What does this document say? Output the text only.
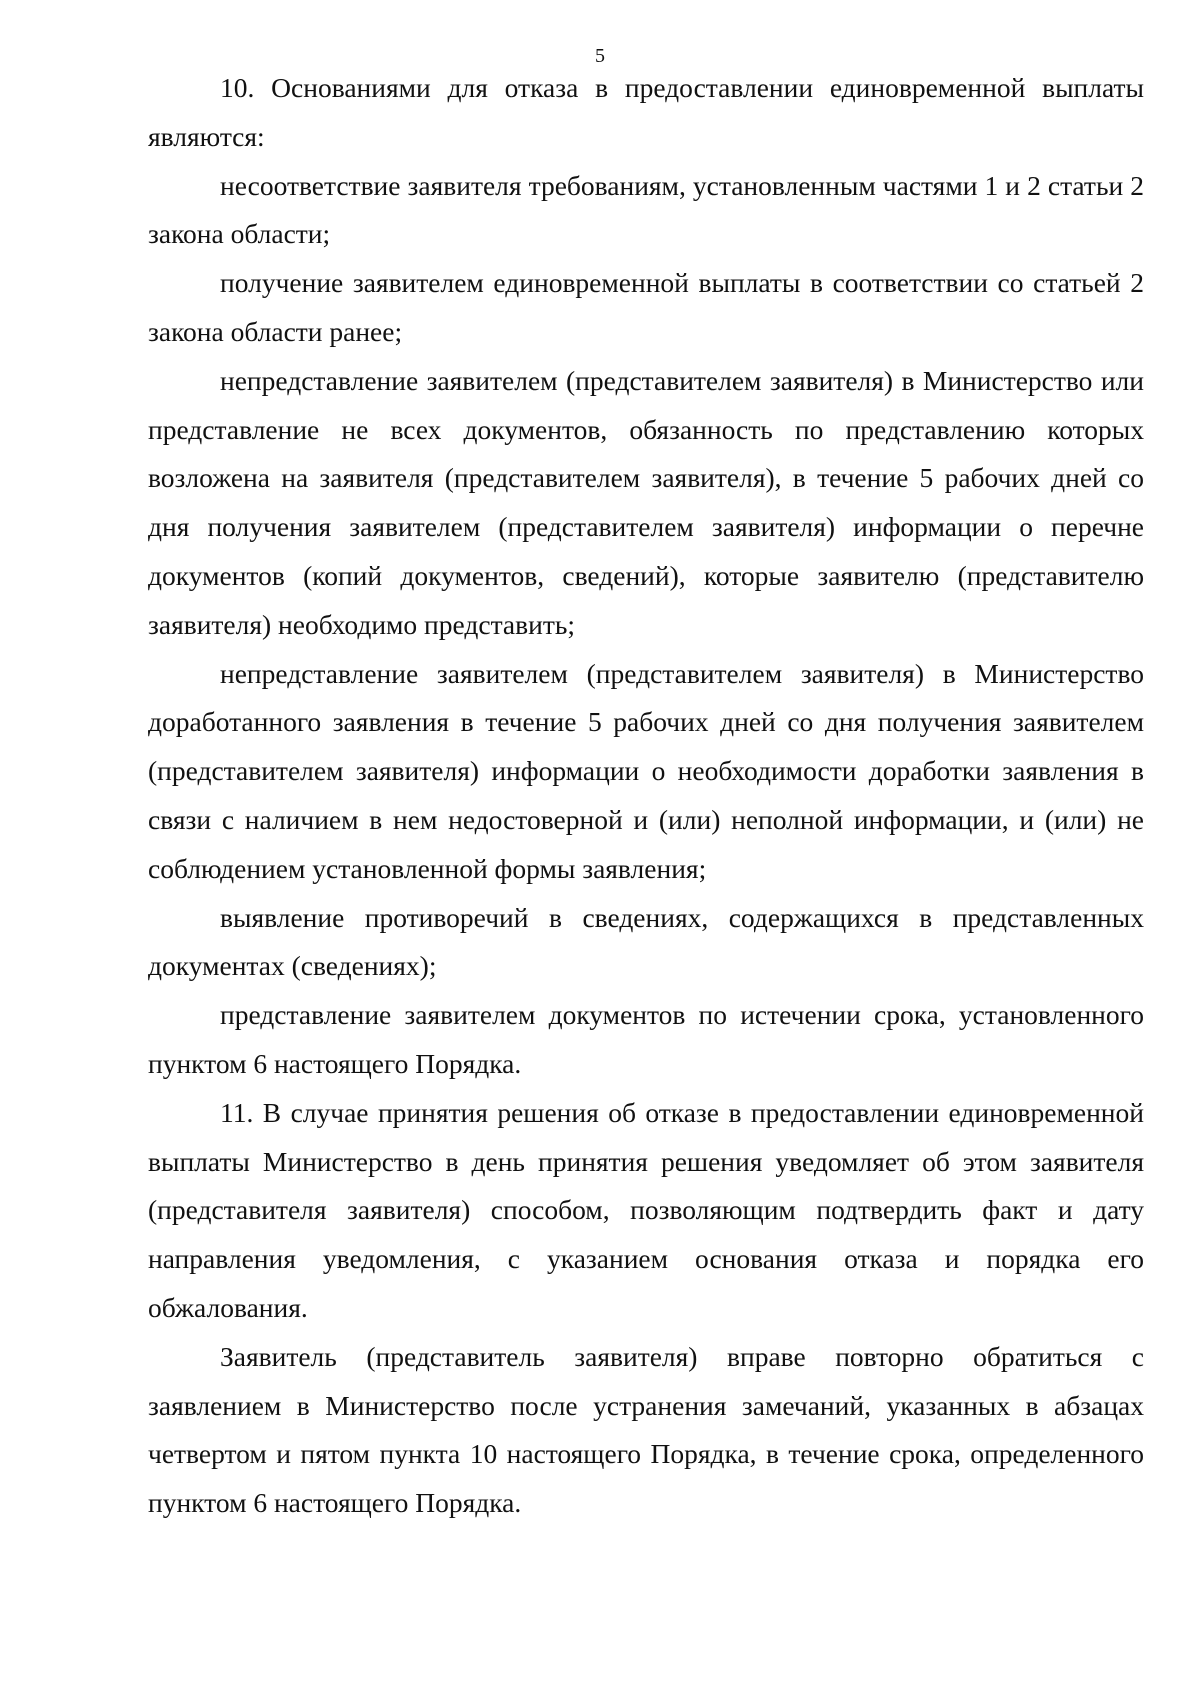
5

10. Основаниями для отказа в предоставлении единовременной выплаты являются:

несоответствие заявителя требованиям, установленным частями 1 и 2 статьи 2 закона области;

получение заявителем единовременной выплаты в соответствии со статьей 2 закона области ранее;

непредставление заявителем (представителем заявителя) в Министерство или представление не всех документов, обязанность по представлению которых возложена на заявителя (представителем заявителя), в течение 5 рабочих дней со дня получения заявителем (представителем заявителя) информации о перечне документов (копий документов, сведений), которые заявителю (представителю заявителя) необходимо представить;

непредставление заявителем (представителем заявителя) в Министерство доработанного заявления в течение 5 рабочих дней со дня получения заявителем (представителем заявителя) информации о необходимости доработки заявления в связи с наличием в нем недостоверной и (или) неполной информации, и (или) не соблюдением установленной формы заявления;

выявление противоречий в сведениях, содержащихся в представленных документах (сведениях);

представление заявителем документов по истечении срока, установленного пунктом 6 настоящего Порядка.

11. В случае принятия решения об отказе в предоставлении единовременной выплаты Министерство в день принятия решения уведомляет об этом заявителя (представителя заявителя) способом, позволяющим подтвердить факт и дату направления уведомления, с указанием основания отказа и порядка его обжалования.

Заявитель (представитель заявителя) вправе повторно обратиться с заявлением в Министерство после устранения замечаний, указанных в абзацах четвертом и пятом пункта 10 настоящего Порядка, в течение срока, определенного пунктом 6 настоящего Порядка.
